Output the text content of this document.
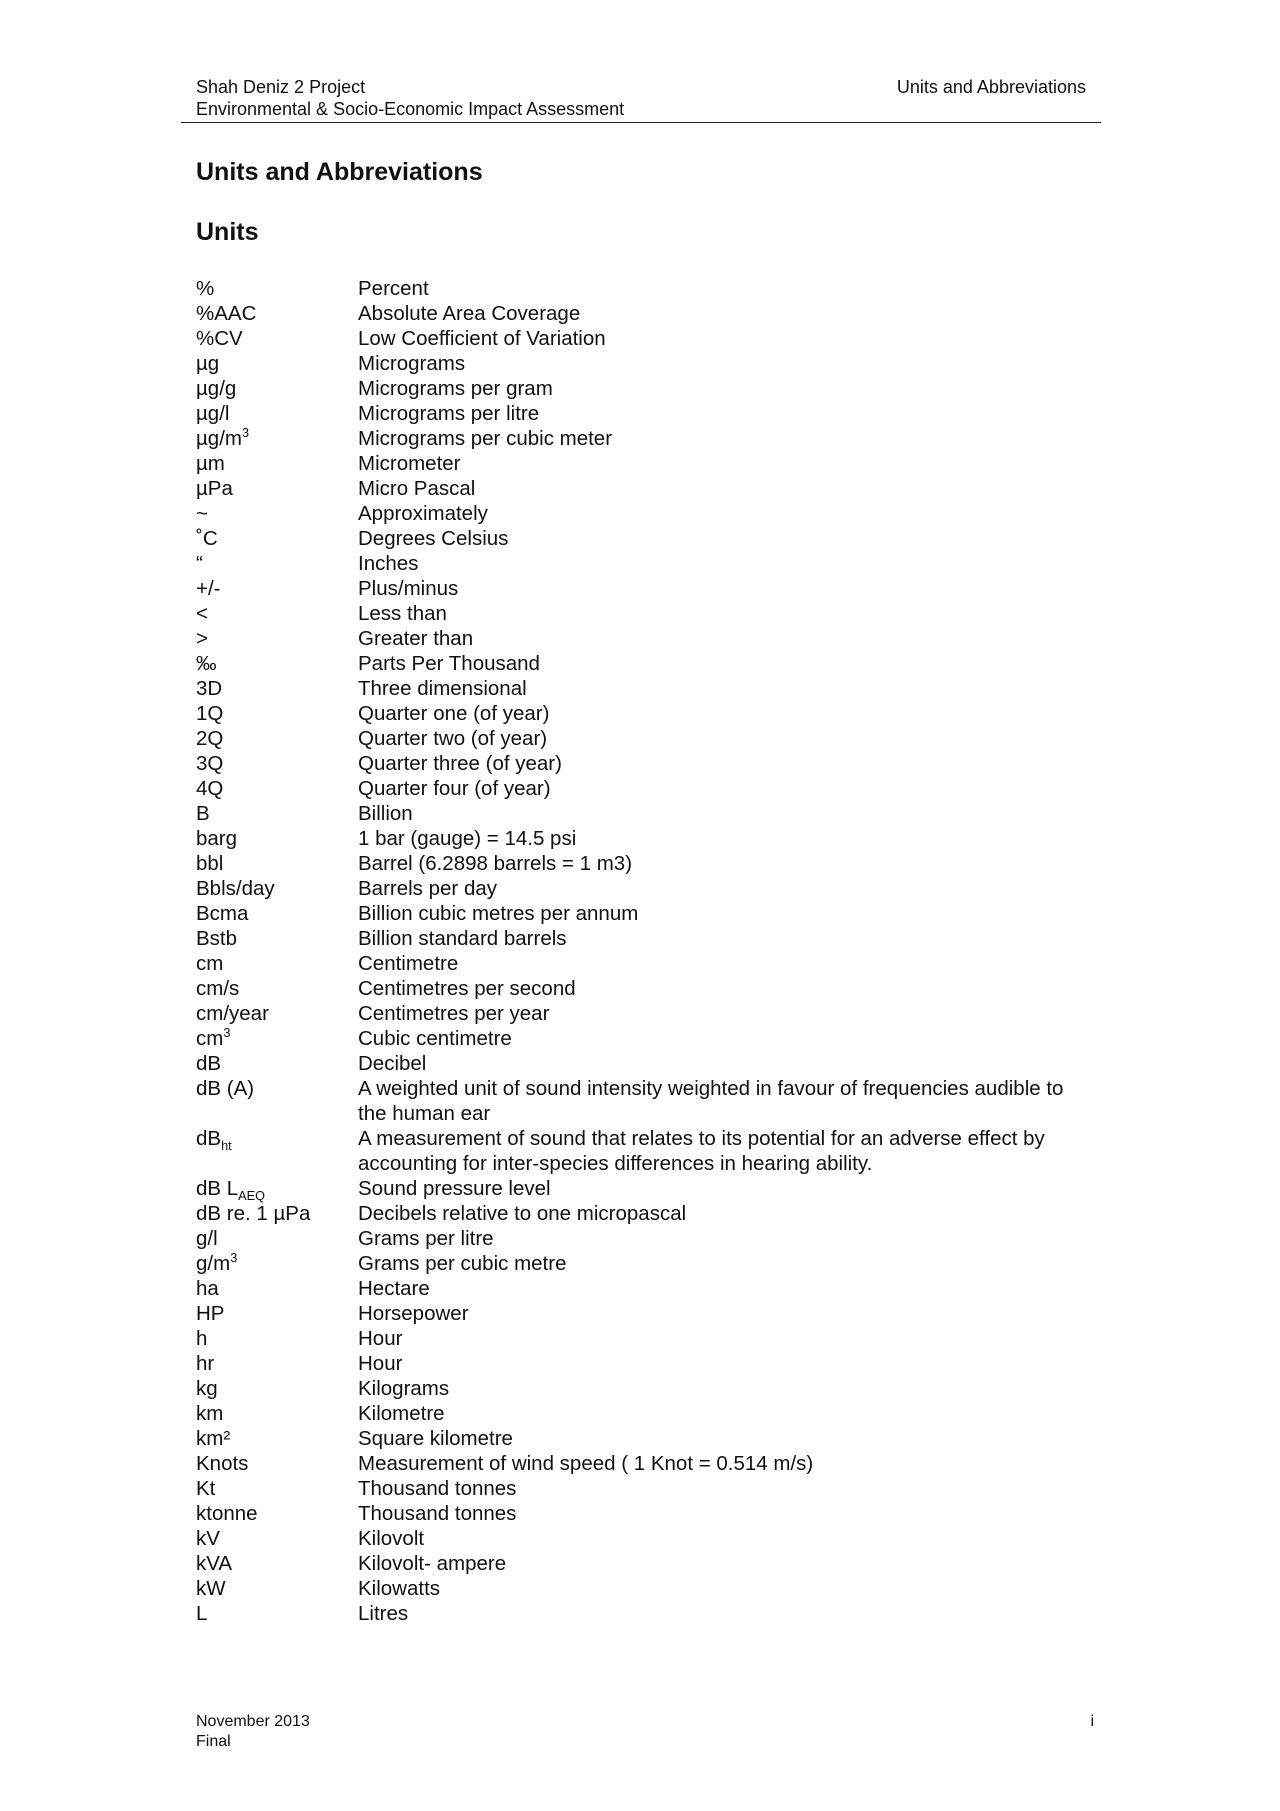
Shah Deniz 2 Project
Environmental & Socio-Economic Impact Assessment
Units and Abbreviations
Units and Abbreviations
Units
%	Percent
%AAC	Absolute Area Coverage
%CV	Low Coefficient of Variation
µg	Micrograms
µg/g	Micrograms per gram
µg/l	Micrograms per litre
$\mu g/m^3$	Micrograms per cubic meter
µm	Micrometer
µPa	Micro Pascal
~	Approximately
˚C	Degrees Celsius
“	Inches
+/-	Plus/minus
<	Less than
>	Greater than
‰	Parts Per Thousand
3D	Three dimensional
1Q	Quarter one (of year)
2Q	Quarter two (of year)
3Q	Quarter three (of year)
4Q	Quarter four (of year)
B	Billion
barg	1 bar (gauge) = 14.5 psi
bbl	Barrel (6.2898 barrels = 1 m3)
Bbls/day	Barrels per day
Bcma	Billion cubic metres per annum
Bstb	Billion standard barrels
cm	Centimetre
cm/s	Centimetres per second
cm/year	Centimetres per year
$cm^3$	Cubic centimetre
dB	Decibel
dB (A)	A weighted unit of sound intensity weighted in favour of frequencies audible to the human ear
$dB_{ht}$	A measurement of sound that relates to its potential for an adverse effect by accounting for inter-species differences in hearing ability.
dB $L_{AEQ}$	Sound pressure level
dB re. 1 µPa	Decibels relative to one micropascal
g/l	Grams per litre
$g/m^3$	Grams per cubic metre
ha	Hectare
HP	Horsepower
h	Hour
hr	Hour
kg	Kilograms
km	Kilometre
km²	Square kilometre
Knots	Measurement of wind speed ( 1 Knot = 0.514 m/s)
Kt	Thousand tonnes
ktonne	Thousand tonnes
kV	Kilovolt
kVA	Kilovolt- ampere
kW	Kilowatts
L	Litres
November 2013
Final
i
